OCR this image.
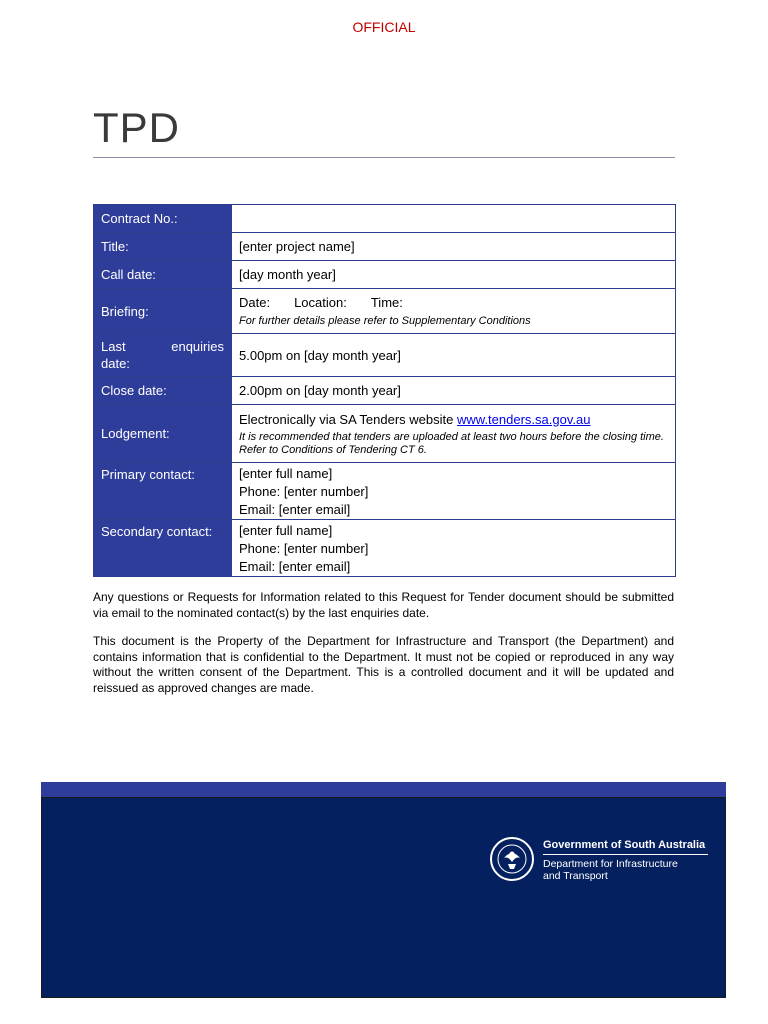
OFFICIAL
TPD
Contract No.:	
Title:	[enter project name]
Call date:	[day month year]
Briefing:	Date: Location: Time:
For further details please refer to Supplementary Conditions

Last enquiries
date:	5.00pm on [day month year]
Close date:	2.00pm on [day month year]
Lodgement:	Electronically via SA Tenders website www.tenders.sa.gov.au
It is recommended that tenders are uploaded at least two hours before the closing time. Refer to Conditions of Tendering CT 6.

Primary contact:	[enter full name]
Phone: [enter number]
Email: [enter email]

Secondary contact:	[enter full name]
Phone: [enter number]
Email: [enter email]
Any questions or Requests for Information related to this Request for Tender document should be submitted via email to the nominated contact(s) by the last enquiries date.
This document is the Property of the Department for Infrastructure and Transport (the Department) and contains information that is confidential to the Department. It must not be copied or reproduced in any way without the written consent of the Department. This is a controlled document and it will be updated and reissued as approved changes are made.
Government of South Australia
Department for Infrastructure
and Transport
